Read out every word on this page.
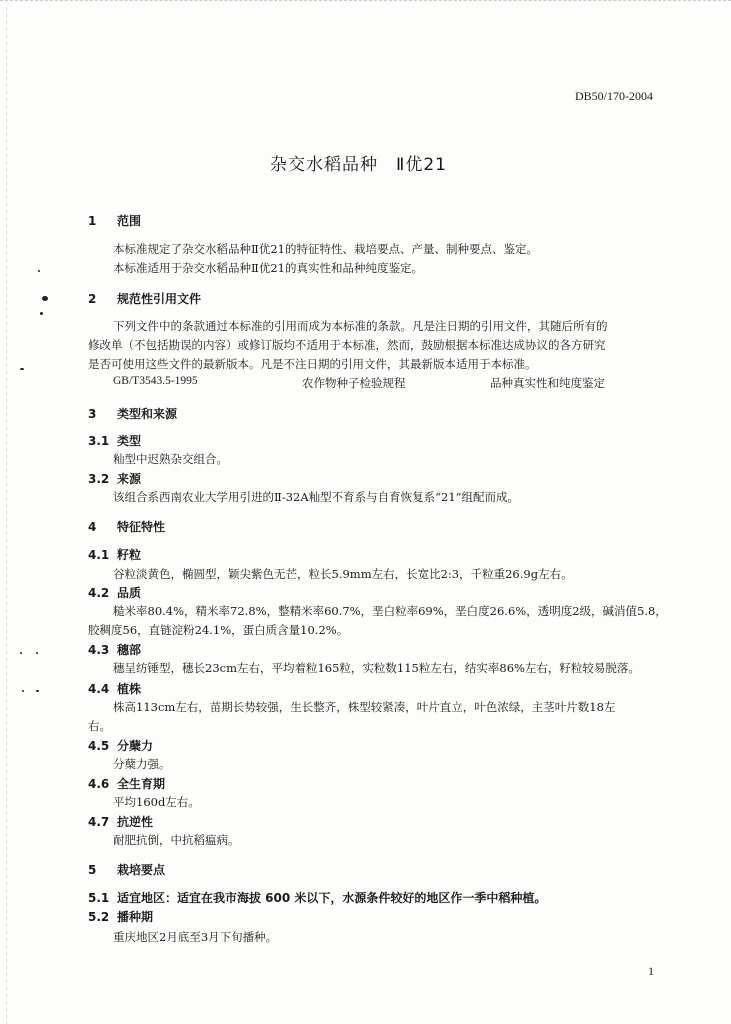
DB50/170-2004
杂交水稻品种　Ⅱ优21
1 范围
本标准规定了杂交水稻品种Ⅱ优21的特征特性、栽培要点、产量、制种要点、鉴定。
本标准适用于杂交水稻品种Ⅱ优21的真实性和品种纯度鉴定。
2 规范性引用文件
下列文件中的条款通过本标准的引用而成为本标准的条款。凡是注日期的引用文件，其随后所有的
修改单（不包括勘误的内容）或修订版均不适用于本标准，然而，鼓励根据本标准达成协议的各方研究
是否可使用这些文件的最新版本。凡是不注日期的引用文件，其最新版本适用于本标准。
GB/T3543.5-1995	农作物种子检验规程	品种真实性和纯度鉴定
3 类型和来源
3.1 类型
籼型中迟熟杂交组合。
3.2 来源
该组合系西南农业大学用引进的Ⅱ-32A籼型不育系与自育恢复系“21”组配而成。
4 特征特性
4.1 籽粒
谷粒淡黄色，椭圆型，颖尖紫色无芒，粒长5.9mm左右，长宽比2:3，千粒重26.9g左右。
4.2 品质
糙米率80.4%，精米率72.8%，整精米率60.7%，垩白粒率69%，垩白度26.6%，透明度2级，碱消值5.8，
胶稠度56，直链淀粉24.1%，蛋白质含量10.2%。
4.3 穗部
穗呈纺锤型，穗长23cm左右，平均着粒165粒，实粒数115粒左右，结实率86%左右，籽粒较易脱落。
4.4 植株
株高113cm左右，苗期长势较强，生长整齐，株型较紧凑，叶片直立，叶色浓绿，主茎叶片数18左
右。
4.5 分蘖力
分蘖力强。
4.6 全生育期
平均160d左右。
4.7 抗逆性
耐肥抗倒，中抗稻瘟病。
5 栽培要点
5.1 适宜地区：适宜在我市海拔 600 米以下，水源条件较好的地区作一季中稻种植。
5.2 播种期
重庆地区2月底至3月下旬播种。
1
